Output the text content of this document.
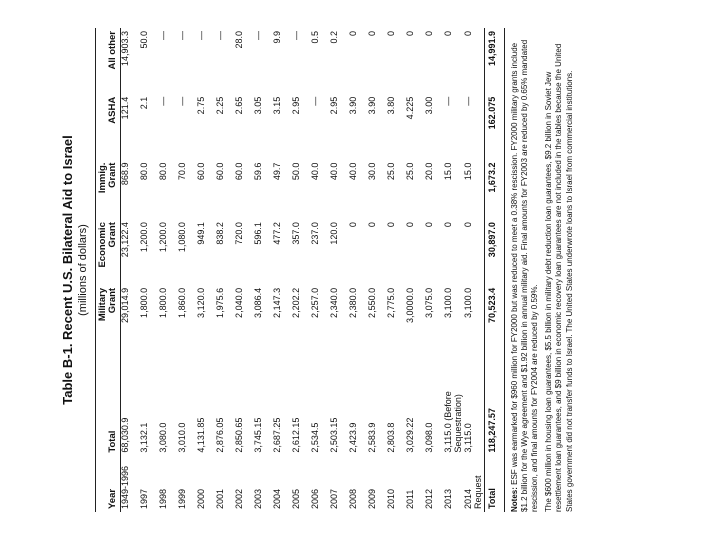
Table B-1. Recent U.S. Bilateral Aid to Israel (millions of dollars)
Year	Total	Military Grant	Economic Grant	Immig. Grant	ASHA	All other
1949-1996	68,030.9	29,014.9	23,122.4	868.9	121.4	14,903.3
1997	3,132.1	1,800.0	1,200.0	80.0	2.1	50.0
1998	3,080.0	1,800.0	1,200.0	80.0	—	—
1999	3,010.0	1,860.0	1,080.0	70.0	—	—
2000	4,131.85	3,120.0	949.1	60.0	2.75	—
2001	2,876.05	1,975.6	838.2	60.0	2.25	—
2002	2,850.65	2,040.0	720.0	60.0	2.65	28.0
2003	3,745.15	3,086.4	596.1	59.6	3.05	—
2004	2,687.25	2,147.3	477.2	49.7	3.15	9.9
2005	2,612.15	2,202.2	357.0	50.0	2.95	—
2006	2,534.5	2,257.0	237.0	40.0	—	0.5
2007	2,503.15	2,340.0	120.0	40.0	2.95	0.2
2008	2,423.9	2,380.0	0	40.0	3.90	0
2009	2,583.9	2,550.0	0	30.0	3.90	0
2010	2,803.8	2,775.0	0	25.0	3.80	0
2011	3,029.22	3,0000.0	0	25.0	4.225	0
2012	3,098.0	3,075.0	0	20.0	3.00	0
2013	3,115.0 (Before Sequestration)	3,100.0	0	15.0	—	0
2014 Request	3,115.0	3,100.0	0	15.0	—	0
Total	118,247.57	70,523.4	30,897.0	1,673.2	162.075	14,991.9

Notes: ESF was earmarked for $960 million for FY2000 but was reduced to meet a 0.38% rescission. FY2000 military grants include $1.2 billion for the Wye agreement and $1.92 billion in annual military aid. Final amounts for FY2003 are reduced by 0.65% mandated rescission, and final amounts for FY2004 are reduced by 0.59%. The $600 million in housing loan guarantees, $5.5 billion in military debt reduction loan guarantees, $9.2 billion in Soviet Jew resettlement loan guarantees, and $9 billion in economic recovery loan guarantees are not included in the tables because the United States government did not transfer funds to Israel. The United States underwrote loans to Israel from commercial institutions.
